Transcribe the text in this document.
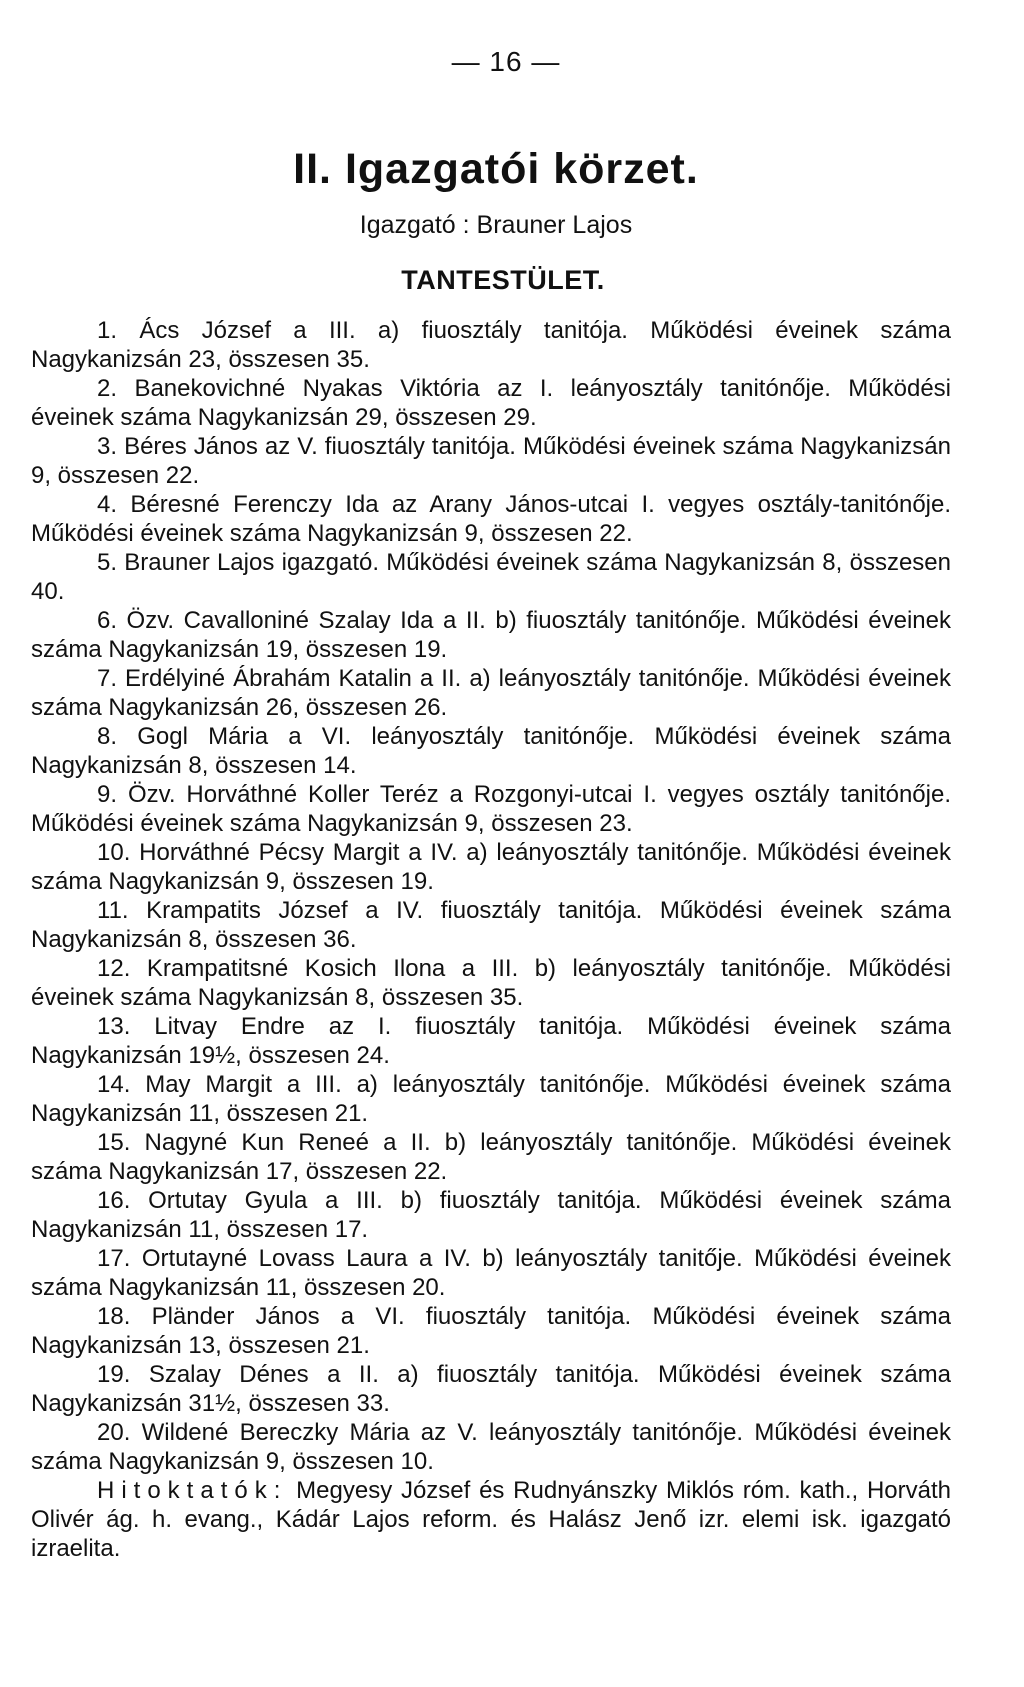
— 16 —
II. Igazgatói körzet.
Igazgató : Brauner Lajos
TANTESTÜLET.

1. Ács József a III. a) fiuosztály tanitója. Működési éveinek száma Nagykanizsán 23, összesen 35.

2. Banekovichné Nyakas Viktória az I. leányosztály tanitónője. Működési éveinek száma Nagykanizsán 29, összesen 29.

3. Béres János az V. fiuosztály tanitója. Működési éveinek száma Nagykanizsán 9, összesen 22.

4. Béresné Ferenczy Ida az Arany János-utcai I. vegyes osztály-tanitónője. Működési éveinek száma Nagykanizsán 9, összesen 22.

5. Brauner Lajos igazgató. Működési éveinek száma Nagykanizsán 8, összesen 40.

6. Özv. Cavalloniné Szalay Ida a II. b) fiuosztály tanitónője. Működési éveinek száma Nagykanizsán 19, összesen 19.

7. Erdélyiné Ábrahám Katalin a II. a) leányosztály tanitónője. Működési éveinek száma Nagykanizsán 26, összesen 26.

8. Gogl Mária a VI. leányosztály tanitónője. Működési éveinek száma Nagykanizsán 8, összesen 14.

9. Özv. Horváthné Koller Teréz a Rozgonyi-utcai I. vegyes osztály tanitónője. Működési éveinek száma Nagykanizsán 9, összesen 23.

10. Horváthné Pécsy Margit a IV. a) leányosztály tanitónője. Működési éveinek száma Nagykanizsán 9, összesen 19.

11. Krampatits József a IV. fiuosztály tanitója. Működési éveinek száma Nagykanizsán 8, összesen 36.

12. Krampatitsné Kosich Ilona a III. b) leányosztály tanitónője. Működési éveinek száma Nagykanizsán 8, összesen 35.

13. Litvay Endre az I. fiuosztály tanitója. Működési éveinek száma Nagykanizsán 19½, összesen 24.

14. May Margit a III. a) leányosztály tanitónője. Működési éveinek száma Nagykanizsán 11, összesen 21.

15. Nagyné Kun Reneé a II. b) leányosztály tanitónője. Működési éveinek száma Nagykanizsán 17, összesen 22.

16. Ortutay Gyula a III. b) fiuosztály tanitója. Működési éveinek száma Nagykanizsán 11, összesen 17.

17. Ortutayné Lovass Laura a IV. b) leányosztály tanitője. Működési éveinek száma Nagykanizsán 11, összesen 20.

18. Pländer János a VI. fiuosztály tanitója. Működési éveinek száma Nagykanizsán 13, összesen 21.

19. Szalay Dénes a II. a) fiuosztály tanitója. Működési éveinek száma Nagykanizsán 31½, összesen 33.

20. Wildené Bereczky Mária az V. leányosztály tanitónője. Működési éveinek száma Nagykanizsán 9, összesen 10.

Hitoktatók: Megyesy József és Rudnyánszky Miklós róm. kath., Horváth Olivér ág. h. evang., Kádár Lajos reform. és Halász Jenő izr. elemi isk. igazgató izraelita.
